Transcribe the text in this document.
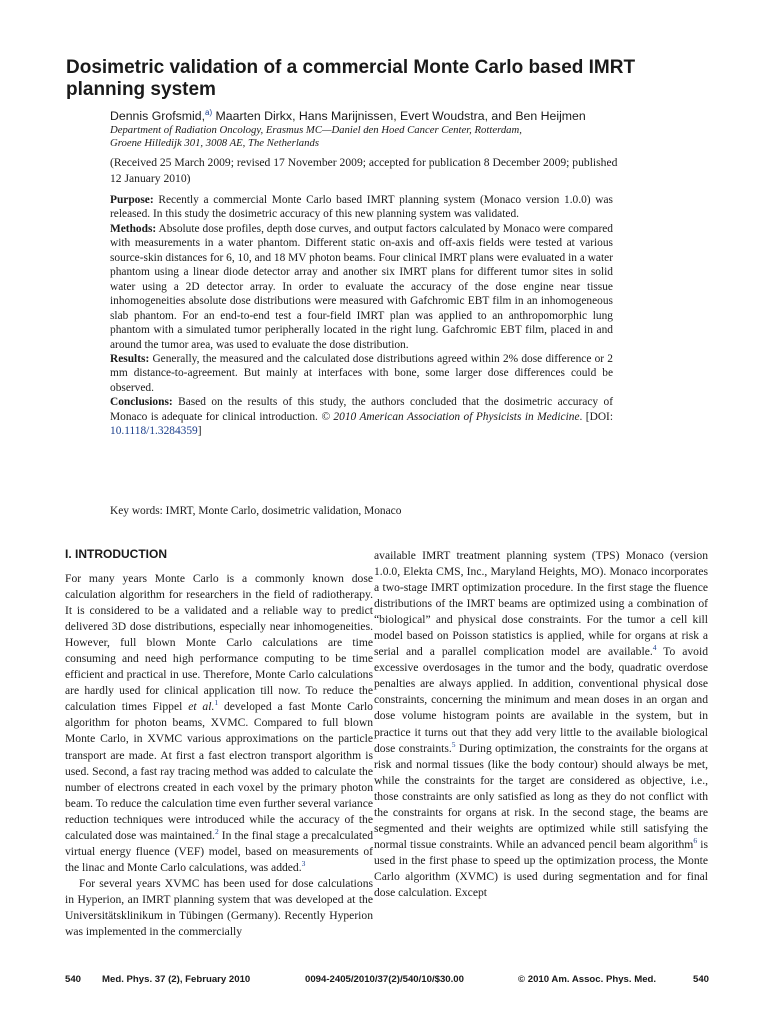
Dosimetric validation of a commercial Monte Carlo based IMRT planning system
Dennis Grofsmid,$^{a)}$ Maarten Dirkx, Hans Marijnissen, Evert Woudstra, and Ben Heijmen
Department of Radiation Oncology, Erasmus MC—Daniel den Hoed Cancer Center, Rotterdam,
Groene Hilledijk 301, 3008 AE, The Netherlands
(Received 25 March 2009; revised 17 November 2009; accepted for publication 8 December 2009; published 12 January 2010)

Purpose: Recently a commercial Monte Carlo based IMRT planning system (Monaco version 1.0.0) was released. In this study the dosimetric accuracy of this new planning system was validated.

Methods: Absolute dose profiles, depth dose curves, and output factors calculated by Monaco were compared with measurements in a water phantom. Different static on-axis and off-axis fields were tested at various source-skin distances for 6, 10, and 18 MV photon beams. Four clinical IMRT plans were evaluated in a water phantom using a linear diode detector array and another six IMRT plans for different tumor sites in solid water using a 2D detector array. In order to evaluate the accuracy of the dose engine near tissue inhomogeneities absolute dose distributions were measured with Gafchromic EBT film in an inhomogeneous slab phantom. For an end-to-end test a four-field IMRT plan was applied to an anthropomorphic lung phantom with a simulated tumor peripherally located in the right lung. Gafchromic EBT film, placed in and around the tumor area, was used to evaluate the dose distribution.

Results: Generally, the measured and the calculated dose distributions agreed within 2% dose difference or 2 mm distance-to-agreement. But mainly at interfaces with bone, some larger dose differences could be observed.

Conclusions: Based on the results of this study, the authors concluded that the dosimetric accuracy of Monaco is adequate for clinical introduction. © 2010 American Association of Physicists in Medicine. [DOI: 10.1118/1.3284359]

Key words: IMRT, Monte Carlo, dosimetric validation, Monaco
I. INTRODUCTION

For many years Monte Carlo is a commonly known dose calculation algorithm for researchers in the field of radiotherapy. It is considered to be a validated and a reliable way to predict delivered 3D dose distributions, especially near inhomogeneities. However, full blown Monte Carlo calculations are time consuming and need high performance computing to be time efficient and practical in use. Therefore, Monte Carlo calculations are hardly used for clinical application till now. To reduce the calculation times Fippel et al.$^1$ developed a fast Monte Carlo algorithm for photon beams, XVMC. Compared to full blown Monte Carlo, in XVMC various approximations on the particle transport are made. At first a fast electron transport algorithm is used. Second, a fast ray tracing method was added to calculate the number of electrons created in each voxel by the primary photon beam. To reduce the calculation time even further several variance reduction techniques were introduced while the accuracy of the calculated dose was maintained.$^2$ In the final stage a precalculated virtual energy fluence (VEF) model, based on measurements of the linac and Monte Carlo calculations, was added.$^3$

For several years XVMC has been used for dose calculations in Hyperion, an IMRT planning system that was developed at the Universitätsklinikum in Tübingen (Germany). Recently Hyperion was implemented in the commercially

available IMRT treatment planning system (TPS) Monaco (version 1.0.0, Elekta CMS, Inc., Maryland Heights, MO). Monaco incorporates a two-stage IMRT optimization procedure. In the first stage the fluence distributions of the IMRT beams are optimized using a combination of “biological” and physical dose constraints. For the tumor a cell kill model based on Poisson statistics is applied, while for organs at risk a serial and a parallel complication model are available.$^4$ To avoid excessive overdosages in the tumor and the body, quadratic overdose penalties are always applied. In addition, conventional physical dose constraints, concerning the minimum and mean doses in an organ and dose volume histogram points are available in the system, but in practice it turns out that they add very little to the available biological dose constraints.$^5$ During optimization, the constraints for the organs at risk and normal tissues (like the body contour) should always be met, while the constraints for the target are considered as objective, i.e., those constraints are only satisfied as long as they do not conflict with the constraints for organs at risk. In the second stage, the beams are segmented and their weights are optimized while still satisfying the normal tissue constraints. While an advanced pencil beam algorithm$^6$ is used in the first phase to speed up the optimization process, the Monte Carlo algorithm (XVMC) is used during segmentation and for final dose calculation. Except

540 Med. Phys. 37 (2), February 2010	0094-2405/2010/37(2)/540/10/$30.00	© 2010 Am. Assoc. Phys. Med.	540
